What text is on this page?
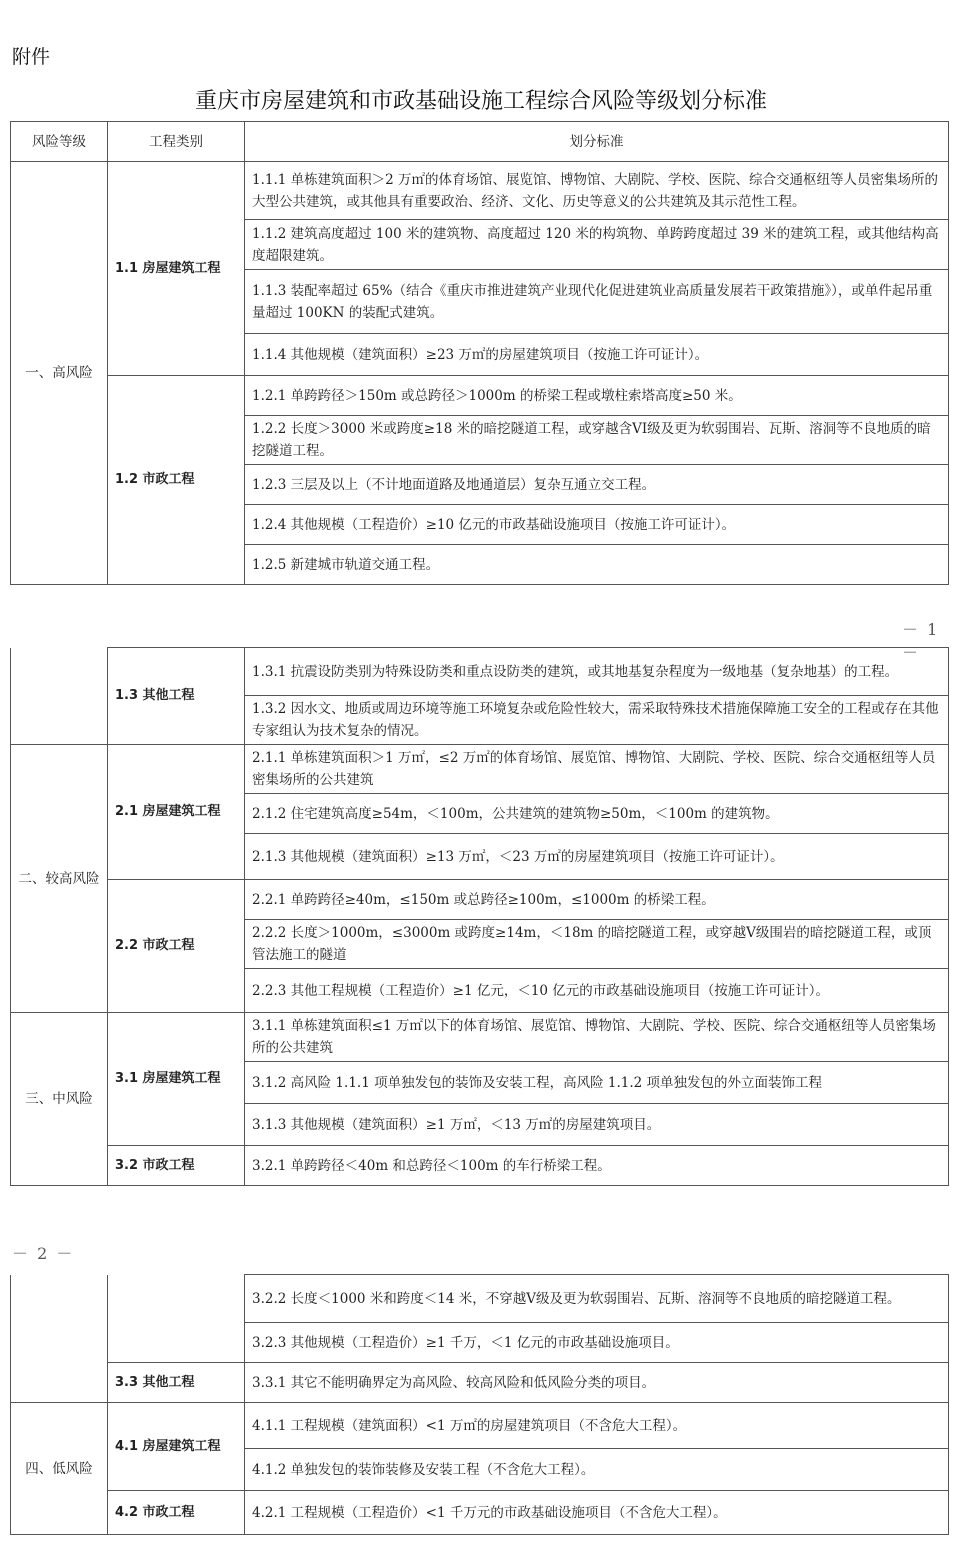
附件
重庆市房屋建筑和市政基础设施工程综合风险等级划分标准
风险等级	工程类别	划分标准
一、高风险	1.1 房屋建筑工程	1.1.1 单栋建筑面积＞2 万㎡的体育场馆、展览馆、博物馆、大剧院、学校、医院、综合交通枢纽等人员密集场所的大型公共建筑，或其他具有重要政治、经济、文化、历史等意义的公共建筑及其示范性工程。
		1.1.2 建筑高度超过 100 米的建筑物、高度超过 120 米的构筑物、单跨跨度超过 39 米的建筑工程，或其他结构高度超限建筑。
		1.1.3 装配率超过 65%（结合《重庆市推进建筑产业现代化促进建筑业高质量发展若干政策措施》），或单件起吊重量超过 100KN 的装配式建筑。
		1.1.4 其他规模（建筑面积）≥23 万㎡的房屋建筑项目（按施工许可证计）。
	1.2 市政工程	1.2.1 单跨跨径＞150m 或总跨径＞1000m 的桥梁工程或墩柱索塔高度≥50 米。
		1.2.2 长度＞3000 米或跨度≥18 米的暗挖隧道工程，或穿越含VI级及更为软弱围岩、瓦斯、溶洞等不良地质的暗挖隧道工程。
		1.2.3 三层及以上（不计地面道路及地通道层）复杂互通立交工程。
		1.2.4 其他规模（工程造价）≥10 亿元的市政基础设施项目（按施工许可证计）。
		1.2.5 新建城市轨道交通工程。
－ 1 －
	1.3 其他工程	1.3.1 抗震设防类别为特殊设防类和重点设防类的建筑，或其地基复杂程度为一级地基（复杂地基）的工程。
		1.3.2 因水文、地质或周边环境等施工环境复杂或危险性较大，需采取特殊技术措施保障施工安全的工程或存在其他专家组认为技术复杂的情况。
二、较高风险	2.1 房屋建筑工程	2.1.1 单栋建筑面积＞1 万㎡，≤2 万㎡的体育场馆、展览馆、博物馆、大剧院、学校、医院、综合交通枢纽等人员密集场所的公共建筑
		2.1.2 住宅建筑高度≥54m，＜100m，公共建筑的建筑物≥50m，＜100m 的建筑物。
		2.1.3 其他规模（建筑面积）≥13 万㎡，＜23 万㎡的房屋建筑项目（按施工许可证计）。
	2.2 市政工程	2.2.1 单跨跨径≥40m，≤150m 或总跨径≥100m，≤1000m 的桥梁工程。
		2.2.2 长度＞1000m，≤3000m 或跨度≥14m，＜18m 的暗挖隧道工程，或穿越Ⅴ级围岩的暗挖隧道工程，或顶管法施工的隧道
		2.2.3 其他工程规模（工程造价）≥1 亿元，＜10 亿元的市政基础设施项目（按施工许可证计）。
三、中风险	3.1 房屋建筑工程	3.1.1 单栋建筑面积≤1 万㎡以下的体育场馆、展览馆、博物馆、大剧院、学校、医院、综合交通枢纽等人员密集场所的公共建筑
		3.1.2 高风险 1.1.1 项单独发包的装饰及安装工程，高风险 1.1.2 项单独发包的外立面装饰工程
		3.1.3 其他规模（建筑面积）≥1 万㎡，＜13 万㎡的房屋建筑项目。
	3.2 市政工程	3.2.1 单跨跨径＜40m 和总跨径＜100m 的车行桥梁工程。
－ 2 －
		3.2.2 长度＜1000 米和跨度＜14 米，不穿越Ⅴ级及更为软弱围岩、瓦斯、溶洞等不良地质的暗挖隧道工程。
		3.2.3 其他规模（工程造价）≥1 千万，＜1 亿元的市政基础设施项目。
	3.3 其他工程	3.3.1 其它不能明确界定为高风险、较高风险和低风险分类的项目。
四、低风险	4.1 房屋建筑工程	4.1.1 工程规模（建筑面积）<1 万㎡的房屋建筑项目（不含危大工程）。
		4.1.2 单独发包的装饰装修及安装工程（不含危大工程）。
	4.2 市政工程	4.2.1 工程规模（工程造价）<1 千万元的市政基础设施项目（不含危大工程）。
